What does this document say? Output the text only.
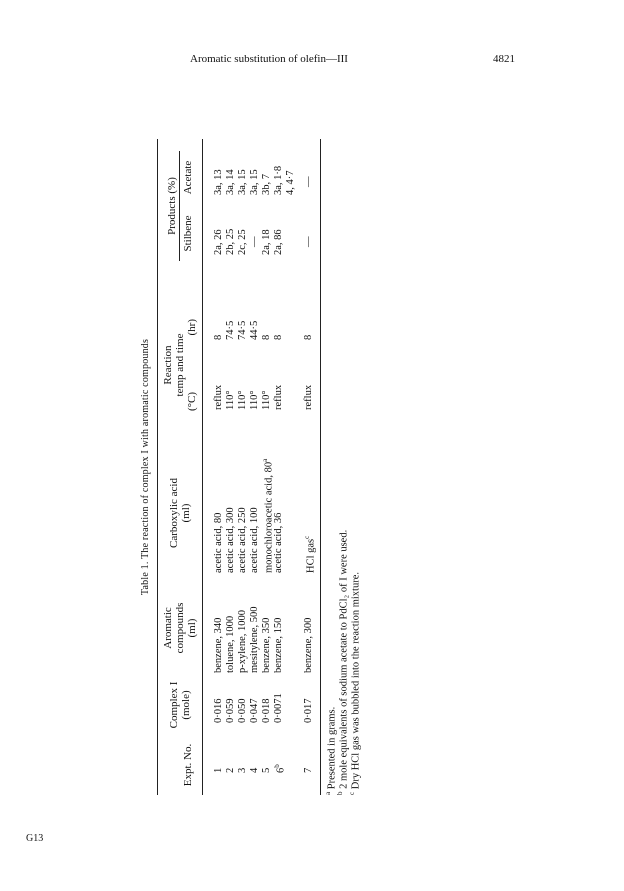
Aromatic substitution of olefin—III	4821
G13
Table 1. The reaction of complex I with aromatic compounds
Expt. No.
Complex I (mole)
Aromatic compounds (ml)
Carboxylic acid (ml)
Reaction temp and time
(°C)
(hr)
Products (%) Stilbene
Acetate
1
0·016
benzene, 340
acetic acid, 80
reflux
8
2a, 26
3a, 13
2
0·059
toluene, 1000
acetic acid, 300
110°
74·5
2b, 25
3a, 14
3
0·050
p-xylene, 1000
acetic acid, 250
110°
74·5
2c, 25
3a, 15
4
0·047
mesitylene, 500
acetic acid, 100
110°
44·5
—
3a, 15
5
0·018
benzene, 350
monochloroacetic acid, 80$^a$
110°
8
2a, 18
3b, 7
6$^b$
0·0071
benzene, 150
acetic acid, 36
reflux
8
2a, 86
3a, 1·8 4, 4·7
7
0·017
benzene, 300
HCl gas$^c$
reflux
8
—
—
$^a$ Presented in grams.
$^b$ 2 mole equivalents of sodium acetate to PdCl₂ of I were used.
$^c$ Dry HCl gas was bubbled into the reaction mixture.
